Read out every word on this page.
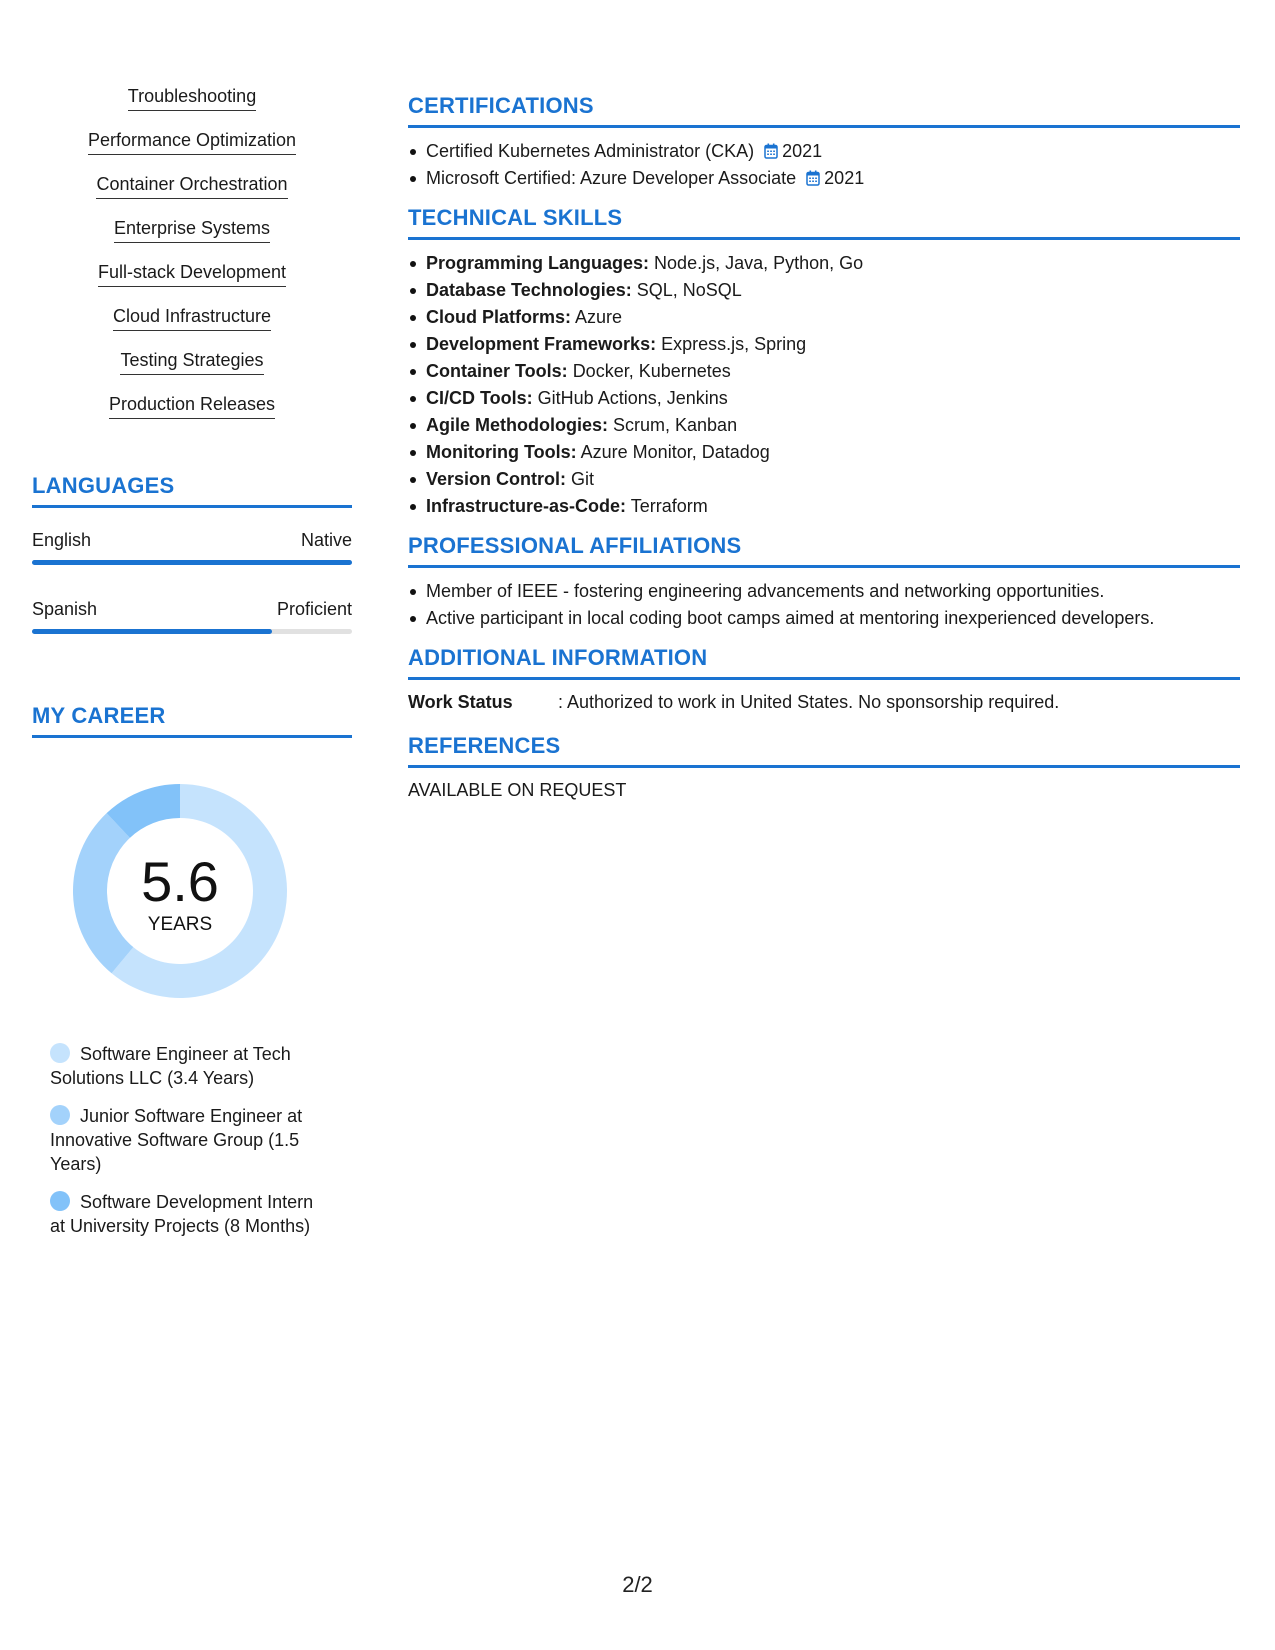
Troubleshooting
Performance Optimization
Container Orchestration
Enterprise Systems
Full-stack Development
Cloud Infrastructure
Testing Strategies
Production Releases
LANGUAGES
English	Native
Spanish	Proficient
MY CAREER
5.6
YEARS
Software Engineer at Tech Solutions LLC (3.4 Years)
Junior Software Engineer at Innovative Software Group (1.5 Years)
Software Development Intern at University Projects (8 Months)
CERTIFICATIONS
Certified Kubernetes Administrator (CKA) 2021
Microsoft Certified: Azure Developer Associate 2021
TECHNICAL SKILLS
Programming Languages: Node.js, Java, Python, Go
Database Technologies: SQL, NoSQL
Cloud Platforms: Azure
Development Frameworks: Express.js, Spring
Container Tools: Docker, Kubernetes
CI/CD Tools: GitHub Actions, Jenkins
Agile Methodologies: Scrum, Kanban
Monitoring Tools: Azure Monitor, Datadog
Version Control: Git
Infrastructure-as-Code: Terraform
PROFESSIONAL AFFILIATIONS
Member of IEEE - fostering engineering advancements and networking opportunities.
Active participant in local coding boot camps aimed at mentoring inexperienced developers.
ADDITIONAL INFORMATION
Work Status	: Authorized to work in United States. No sponsorship required.
REFERENCES
AVAILABLE ON REQUEST
2/2
